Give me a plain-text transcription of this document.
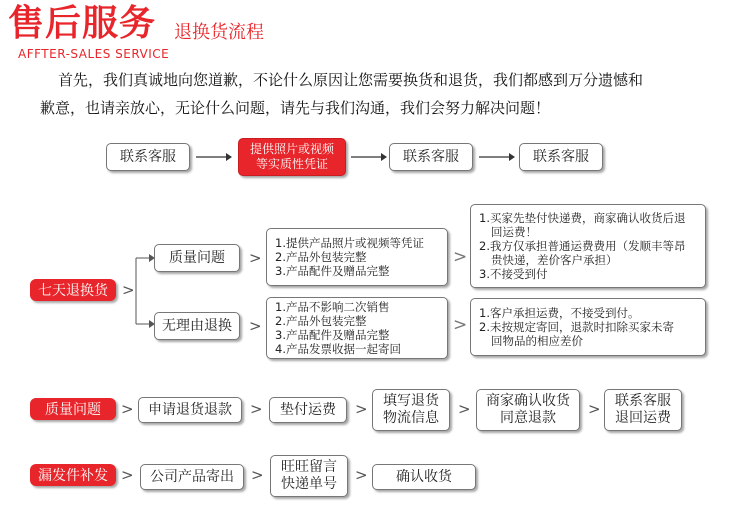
售后服务 退换货流程
AFFTER-SALES SERVICE

首先，我们真诚地向您道歉，不论什么原因让您需要换货和退货，我们都感到万分遗憾和

歉意，也请亲放心，无论什么问题，请先与我们沟通，我们会努力解决问题！

联系客服	提供照片或视频
等实质性凭证	联系客服	联系客服
七天退换货 >
质量问题	>
1.提供产品照片或视频等凭证
2.产品外包装完整
3.产品配件及赠品完整
>
1.买家先垫付快递费，商家确认收货后退
回运费！
2.我方仅承担普通运费费用（发顺丰等昂
贵快递，差价客户承担）
3.不接受到付
无理由退换	>
1.产品不影响二次销售
2.产品外包装完整
3.产品配件及赠品完整
4.产品发票收据一起寄回
>
1.客户承担运费，不接受到付。
2.未按规定寄回，退款时扣除买家未寄
回物品的相应差价
质量问题	>	申请退货退款	>	垫付运费	> 填写退货
物流信息 > 商家确认收货
同意退款	> 联系客服
退回运费
漏发件补发 >	公司产品寄出	> 旺旺留言
快递单号 >	确认收货
